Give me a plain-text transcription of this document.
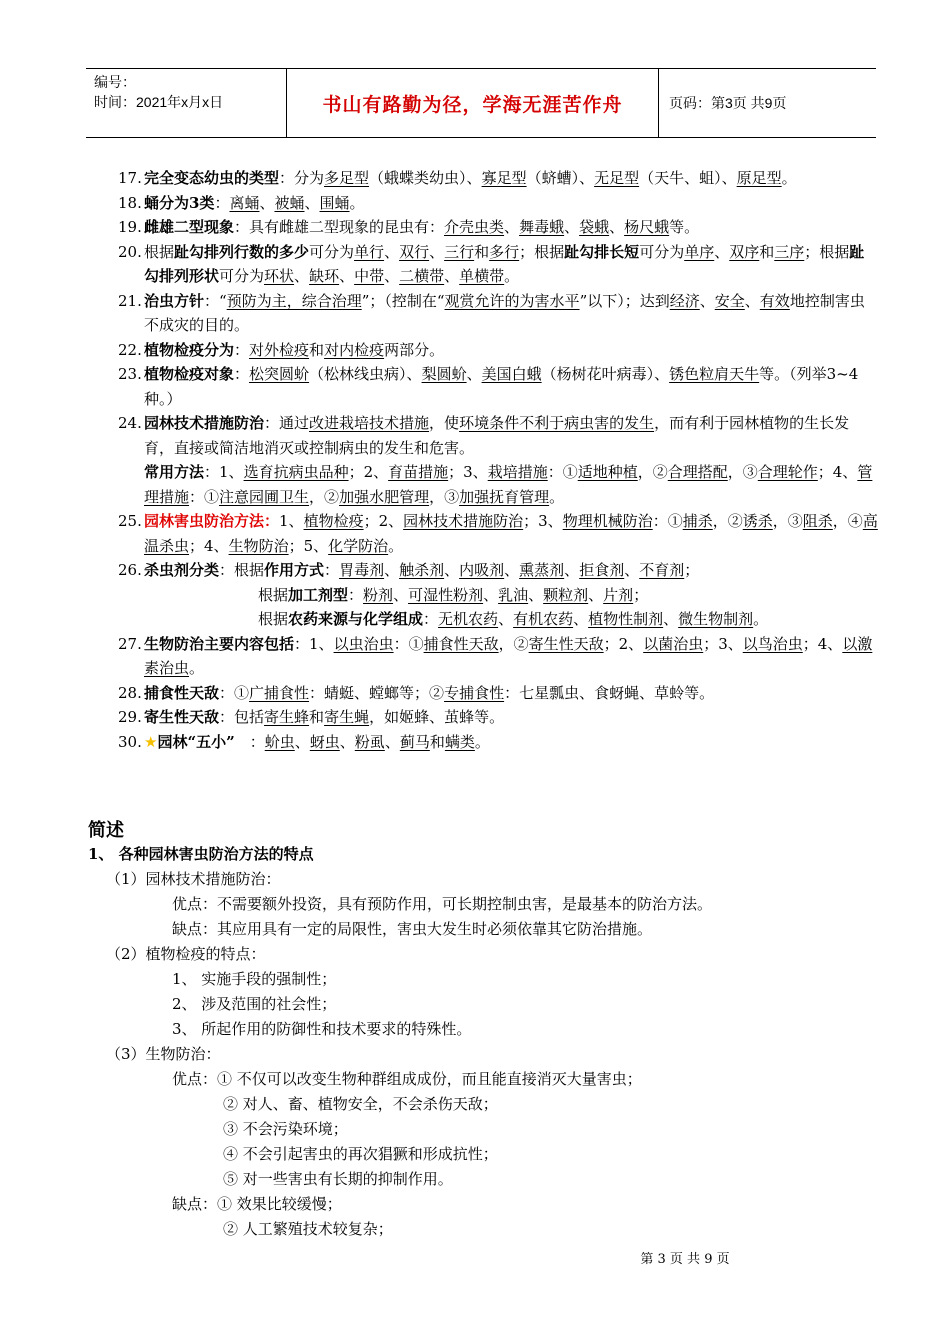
编号：
时间：2021年x月x日	书山有路勤为径，学海无涯苦作舟	页码：第3页 共9页
17. 完全变态幼虫的类型：分为多足型（蛾蝶类幼虫）、寡足型（蛴螬）、无足型（天牛、蛆）、原足型。
18. 蛹分为3类：离蛹、被蛹、围蛹。
19. 雌雄二型现象：具有雌雄二型现象的昆虫有：介壳虫类、舞毒蛾、袋蛾、杨尺蛾等。
20. 根据趾勾排列行数的多少可分为单行、双行、三行和多行；根据趾勾排长短可分为单序、双序和三序；根据趾勾排列形状可分为环状、缺环、中带、二横带、单横带。
21. 治虫方针：“预防为主，综合治理”；（控制在“观赏允许的为害水平”以下）；达到经济、安全、有效地控制害虫不成灾的目的。
22. 植物检疫分为：对外检疫和对内检疫两部分。
23. 植物检疫对象：松突圆蚧（松林线虫病）、梨圆蚧、美国白蛾（杨树花叶病毒）、锈色粒肩天牛等。（列举3~4种。）
24. 园林技术措施防治：通过改进栽培技术措施，使环境条件不利于病虫害的发生，而有利于园林植物的生长发育，直接或简洁地消灭或控制病虫的发生和危害。
常用方法：1、选育抗病虫品种；2、育苗措施；3、栽培措施：①适地种植，②合理搭配，③合理轮作；4、管理措施：①注意园圃卫生，②加强水肥管理，③加强抚育管理。
25. 园林害虫防治方法：1、植物检疫；2、园林技术措施防治；3、物理机械防治：①捕杀，②诱杀，③阻杀，④高温杀虫；4、生物防治；5、化学防治。
26. 杀虫剂分类：根据作用方式：胃毒剂、触杀剂、内吸剂、熏蒸剂、拒食剂、不育剂；
根据加工剂型：粉剂、可湿性粉剂、乳油、颗粒剂、片剂；
根据农药来源与化学组成：无机农药、有机农药、植物性制剂、微生物制剂。
27. 生物防治主要内容包括：1、以虫治虫：①捕食性天敌，②寄生性天敌；2、以菌治虫；3、以鸟治虫；4、以激素治虫。
28. 捕食性天敌：①广捕食性：蜻蜓、螳螂等；②专捕食性：七星瓢虫、食蚜蝇、草蛉等。
29. 寄生性天敌：包括寄生蜂和寄生蝇，如姬蜂、茧蜂等。
30. ★园林“五小”　：蚧虫、蚜虫、粉虱、蓟马和螨类。
简述
1、 各种园林害虫防治方法的特点
（1）园林技术措施防治：
优点：不需要额外投资，具有预防作用，可长期控制虫害，是最基本的防治方法。
缺点：其应用具有一定的局限性，害虫大发生时必须依靠其它防治措施。
（2）植物检疫的特点：
1、 实施手段的强制性；
2、 涉及范围的社会性；
3、 所起作用的防御性和技术要求的特殊性。
（3）生物防治：
优点：① 不仅可以改变生物种群组成成份，而且能直接消灭大量害虫；
② 对人、畜、植物安全，不会杀伤天敌；
③ 不会污染环境；
④ 不会引起害虫的再次猖獗和形成抗性；
⑤ 对一些害虫有长期的抑制作用。
缺点：① 效果比较缓慢；
② 人工繁殖技术较复杂；
第 3 页 共 9 页
